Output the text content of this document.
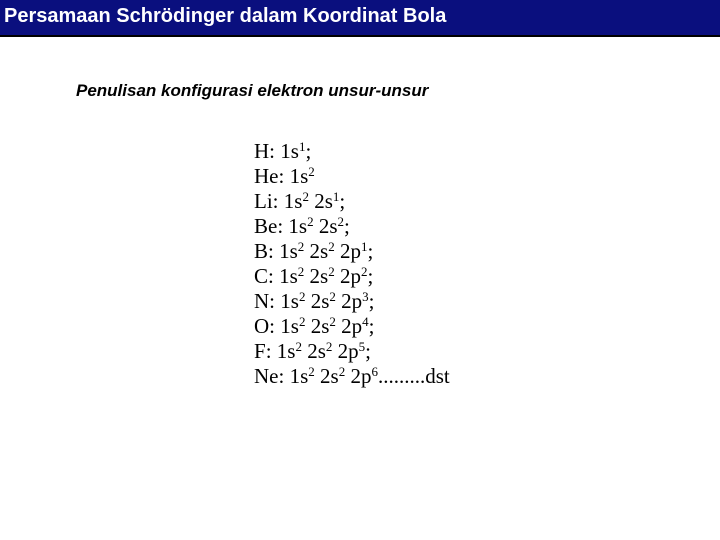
Persamaan Schrödinger dalam Koordinat Bola
Penulisan konfigurasi elektron unsur-unsur
H: $1s^1$;
He: $1s^2$
Li: $1s^2$ $2s^1$;
Be: $1s^2$ $2s^2$;
B: $1s^2$ $2s^2$ $2p^1$;
C: $1s^2$ $2s^2$ $2p^2$;
N: $1s^2$ $2s^2$ $2p^3$;
O: $1s^2$ $2s^2$ $2p^4$;
F: $1s^2$ $2s^2$ $2p^5$;
Ne: $1s^2$ $2s^2$ $2p^6.........dst$
